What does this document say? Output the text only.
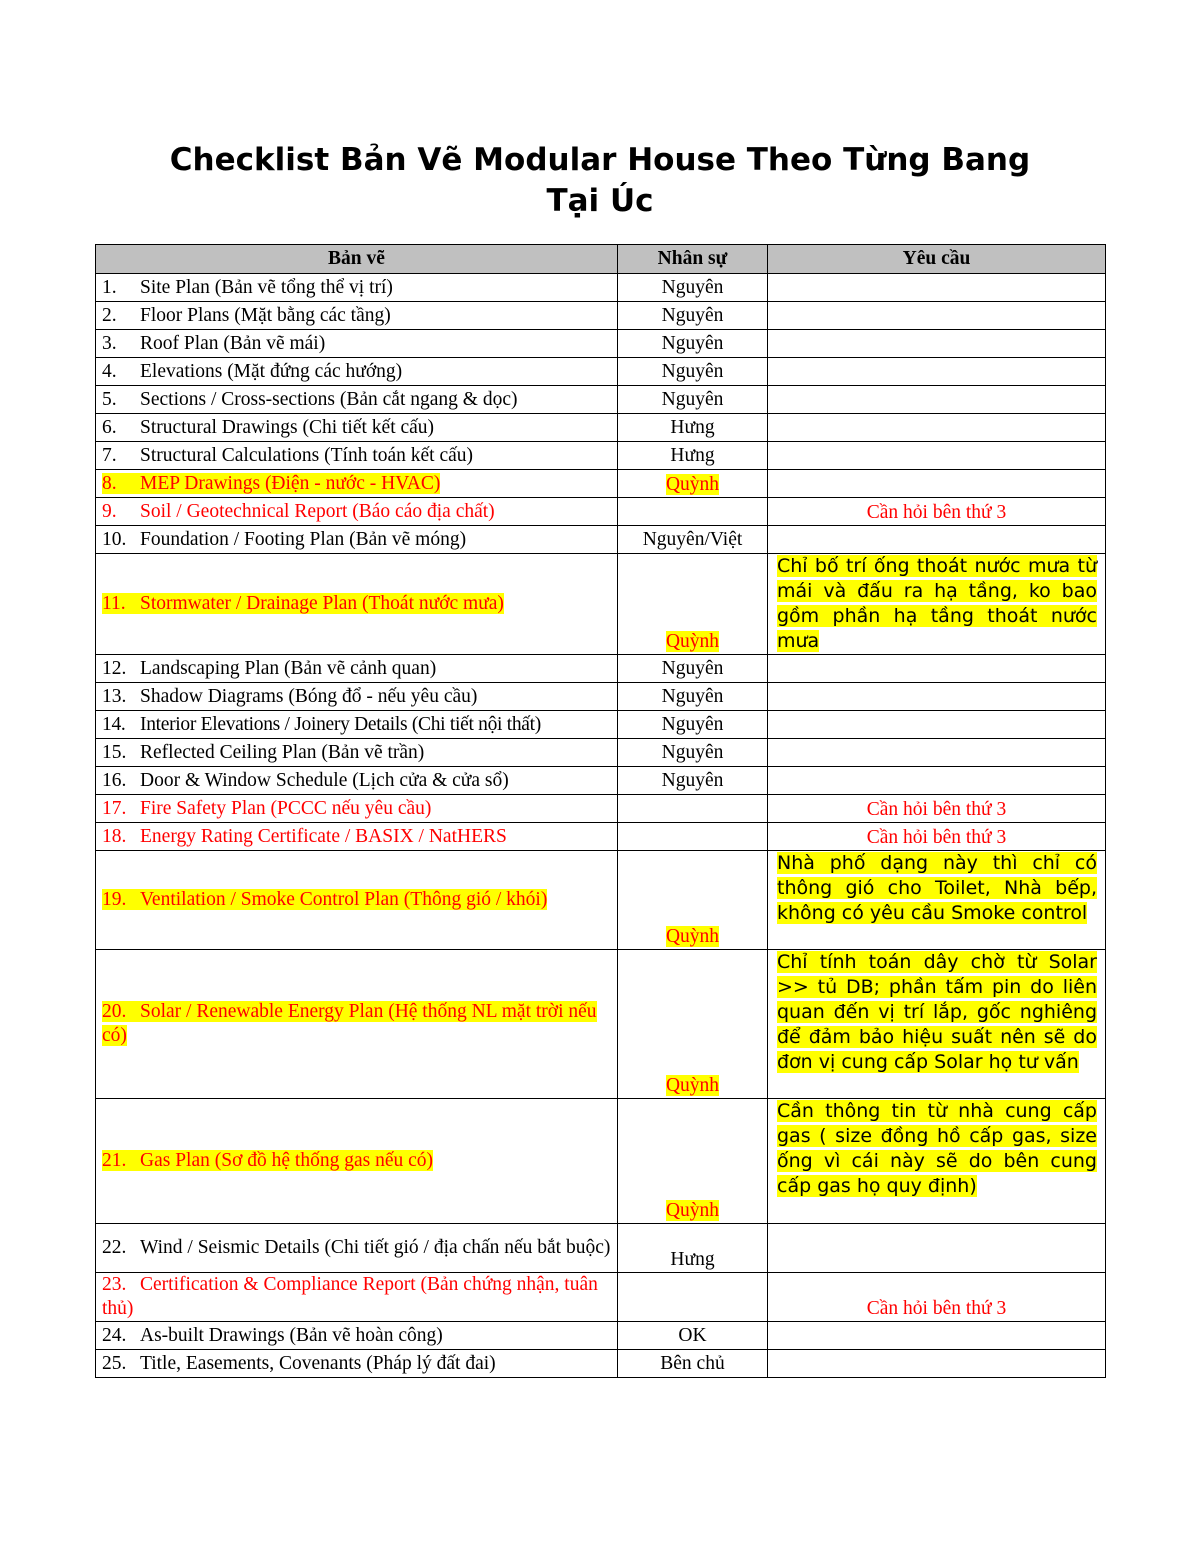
Checklist Bản Vẽ Modular House Theo Từng Bang
Tại Úc
Bản vẽ	Nhân sự	Yêu cầu
1. Site Plan (Bản vẽ tổng thể vị trí)	Nguyên	
2. Floor Plans (Mặt bằng các tầng)	Nguyên	
3. Roof Plan (Bản vẽ mái)	Nguyên	
4. Elevations (Mặt đứng các hướng)	Nguyên	
5. Sections / Cross-sections (Bản cắt ngang & dọc)	Nguyên	
6. Structural Drawings (Chi tiết kết cấu)	Hưng	
7. Structural Calculations (Tính toán kết cấu)	Hưng	
8. MEP Drawings (Điện - nước - HVAC)	Quỳnh	
9. Soil / Geotechnical Report (Báo cáo địa chất)		Cần hỏi bên thứ 3
10. Foundation / Footing Plan (Bản vẽ móng)	Nguyên/Việt	
11. Stormwater / Drainage Plan (Thoát nước mưa)	Quỳnh	Chỉ bố trí ống thoát nước mưa từ mái và đấu ra hạ tầng, ko bao gồm phần hạ tầng thoát nước mưa
12. Landscaping Plan (Bản vẽ cảnh quan)	Nguyên	
13. Shadow Diagrams (Bóng đổ - nếu yêu cầu)	Nguyên	
14. Interior Elevations / Joinery Details (Chi tiết nội thất)	Nguyên	
15. Reflected Ceiling Plan (Bản vẽ trần)	Nguyên	
16. Door & Window Schedule (Lịch cửa & cửa sổ)	Nguyên	
17. Fire Safety Plan (PCCC nếu yêu cầu)		Cần hỏi bên thứ 3
18. Energy Rating Certificate / BASIX / NatHERS		Cần hỏi bên thứ 3
19. Ventilation / Smoke Control Plan (Thông gió / khói)	Quỳnh	Nhà phố dạng này thì chỉ có thông gió cho Toilet, Nhà bếp, không có yêu cầu Smoke control
20. Solar / Renewable Energy Plan (Hệ thống NL mặt trời nếu có)	Quỳnh	Chỉ tính toán dây chờ từ Solar >> tủ DB; phần tấm pin do liên quan đến vị trí lắp, gốc nghiêng để đảm bảo hiệu suất nên sẽ do đơn vị cung cấp Solar họ tư vấn
21. Gas Plan (Sơ đồ hệ thống gas nếu có)	Quỳnh	Cần thông tin từ nhà cung cấp gas ( size đồng hồ cấp gas, size ống vì cái này sẽ do bên cung cấp gas họ quy định)
22. Wind / Seismic Details (Chi tiết gió / địa chấn nếu bắt buộc)	Hưng	
23. Certification & Compliance Report (Bản chứng nhận, tuân thủ)		Cần hỏi bên thứ 3
24. As-built Drawings (Bản vẽ hoàn công)	OK	
25. Title, Easements, Covenants (Pháp lý đất đai)	Bên chủ	
